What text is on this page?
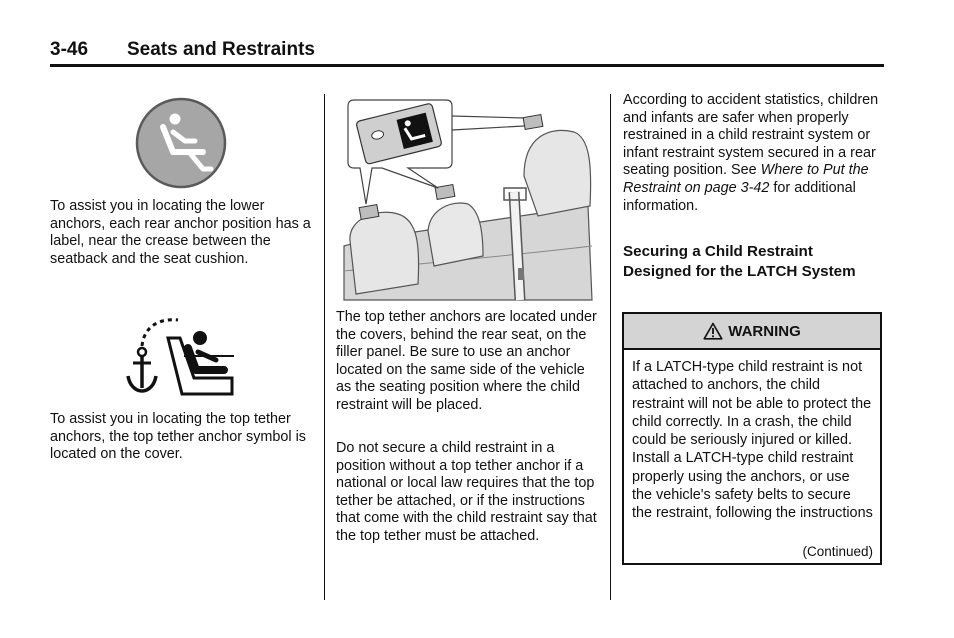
3-46 Seats and Restraints

To assist you in locating the lower anchors, each rear anchor position has a label, near the crease between the seatback and the seat cushion.

To assist you in locating the top tether anchors, the top tether anchor symbol is located on the cover.

The top tether anchors are located under the covers, behind the rear seat, on the filler panel. Be sure to use an anchor located on the same side of the vehicle as the seating position where the child restraint will be placed.

Do not secure a child restraint in a position without a top tether anchor if a national or local law requires that the top tether be attached, or if the instructions that come with the child restraint say that the top tether must be attached.

According to accident statistics, children and infants are safer when properly restrained in a child restraint system or infant restraint system secured in a rear seating position. See Where to Put the Restraint on page 3-42 for additional information.

Securing a Child Restraint Designed for the LATCH System
WARNING
If a LATCH-type child restraint is not attached to anchors, the child restraint will not be able to protect the child correctly. In a crash, the child could be seriously injured or killed. Install a LATCH-type child restraint properly using the anchors, or use the vehicle's safety belts to secure the restraint, following the instructions
(Continued)
